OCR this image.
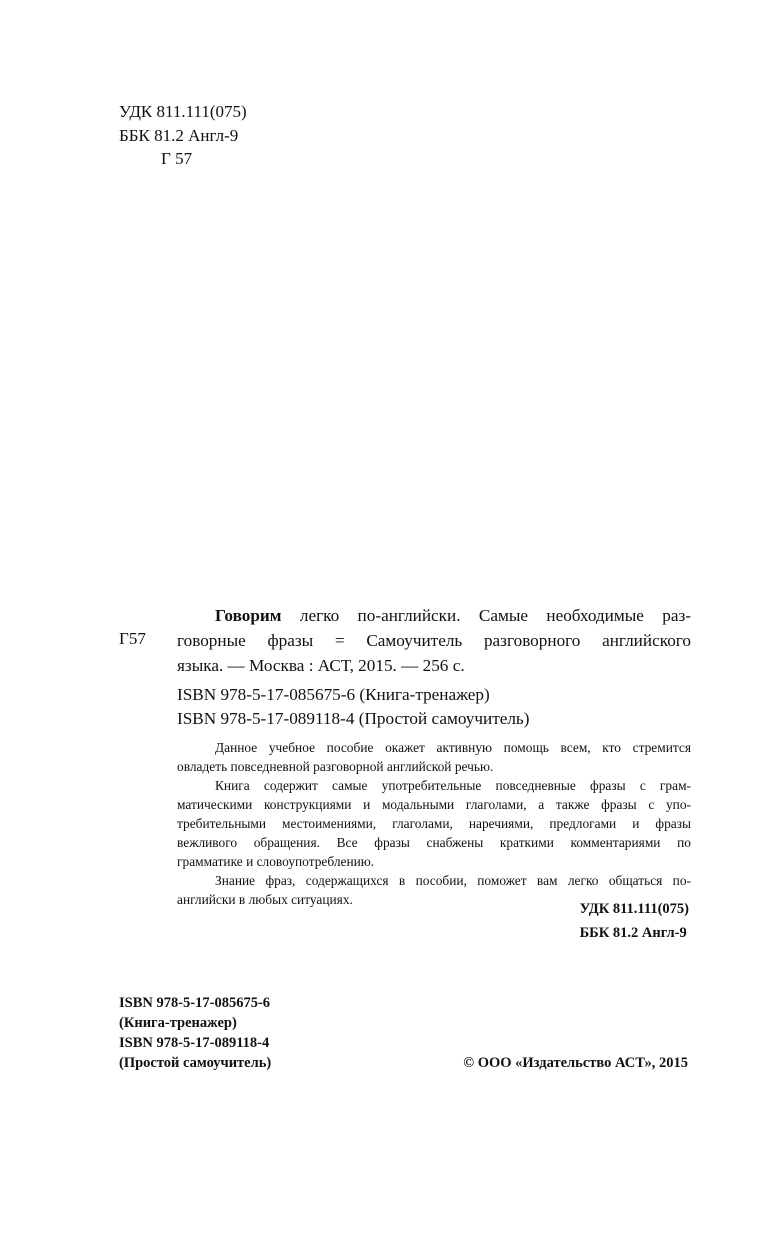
УДК 811.111(075)
ББК 81.2 Англ-9
Г 57
Г57
Говорим легко по-английски. Самые необходимые раз-
говорные фразы = Самоучитель разговорного английского
языка. — Москва : АСТ, 2015. — 256 с.
ISBN 978-5-17-085675-6 (Книга-тренажер)
ISBN 978-5-17-089118-4 (Простой самоучитель)
Данное учебное пособие окажет активную помощь всем, кто стремится
овладеть повседневной разговорной английской речью.
Книга содержит самые употребительные повседневные фразы с грам-
матическими конструкциями и модальными глаголами, а также фразы с упо-
требительными местоимениями, глаголами, наречиями, предлогами и фразы
вежливого обращения. Все фразы снабжены краткими комментариями по
грамматике и словоупотреблению.
Знание фраз, содержащихся в пособии, поможет вам легко общаться по-
английски в любых ситуациях.
УДК 811.111(075)
ББК 81.2 Англ-9
ISBN 978-5-17-085675-6
(Книга-тренажер)
ISBN 978-5-17-089118-4
(Простой самоучитель)	© ООО «Издательство АСТ», 2015
